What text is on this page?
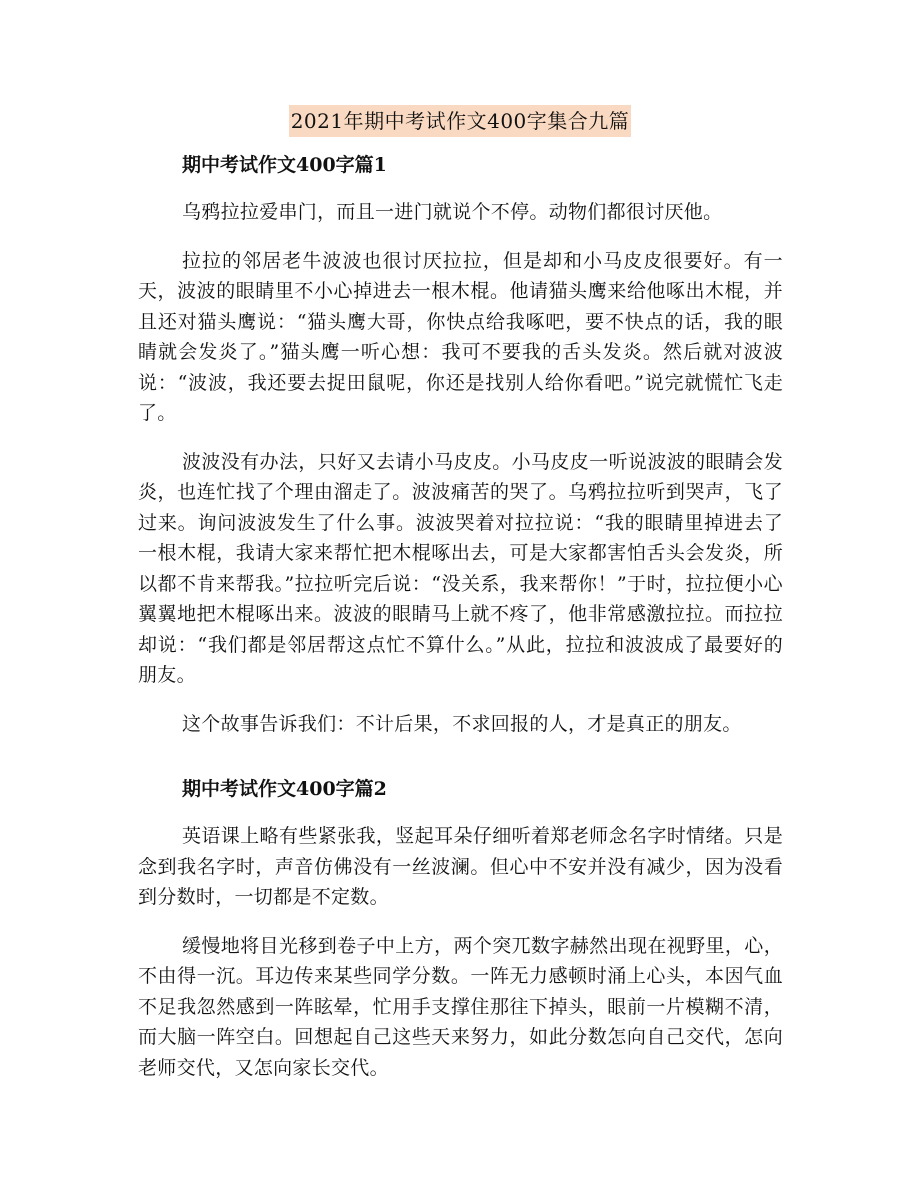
2021年期中考试作文400字集合九篇
期中考试作文400字篇1

乌鸦拉拉爱串门，而且一进门就说个不停。动物们都很讨厌他。

拉拉的邻居老牛波波也很讨厌拉拉，但是却和小马皮皮很要好。有一天，波波的眼睛里不小心掉进去一根木棍。他请猫头鹰来给他啄出木棍，并且还对猫头鹰说：“猫头鹰大哥，你快点给我啄吧，要不快点的话，我的眼睛就会发炎了。”猫头鹰一听心想：我可不要我的舌头发炎。然后就对波波说：“波波，我还要去捉田鼠呢，你还是找别人给你看吧。”说完就慌忙飞走了。

波波没有办法，只好又去请小马皮皮。小马皮皮一听说波波的眼睛会发炎，也连忙找了个理由溜走了。波波痛苦的哭了。乌鸦拉拉听到哭声，飞了过来。询问波波发生了什么事。波波哭着对拉拉说：“我的眼睛里掉进去了一根木棍，我请大家来帮忙把木棍啄出去，可是大家都害怕舌头会发炎，所以都不肯来帮我。”拉拉听完后说：“没关系，我来帮你！”于时，拉拉便小心翼翼地把木棍啄出来。波波的眼睛马上就不疼了，他非常感激拉拉。而拉拉却说：“我们都是邻居帮这点忙不算什么。”从此，拉拉和波波成了最要好的朋友。

这个故事告诉我们：不计后果，不求回报的人，才是真正的朋友。

期中考试作文400字篇2

英语课上略有些紧张我，竖起耳朵仔细听着郑老师念名字时情绪。只是念到我名字时，声音仿佛没有一丝波澜。但心中不安并没有减少，因为没看到分数时，一切都是不定数。

缓慢地将目光移到卷子中上方，两个突兀数字赫然出现在视野里，心，不由得一沉。耳边传来某些同学分数。一阵无力感顿时涌上心头，本因气血不足我忽然感到一阵眩晕，忙用手支撑住那往下掉头，眼前一片模糊不清，而大脑一阵空白。回想起自己这些天来努力，如此分数怎向自己交代，怎向老师交代，又怎向家长交代。
